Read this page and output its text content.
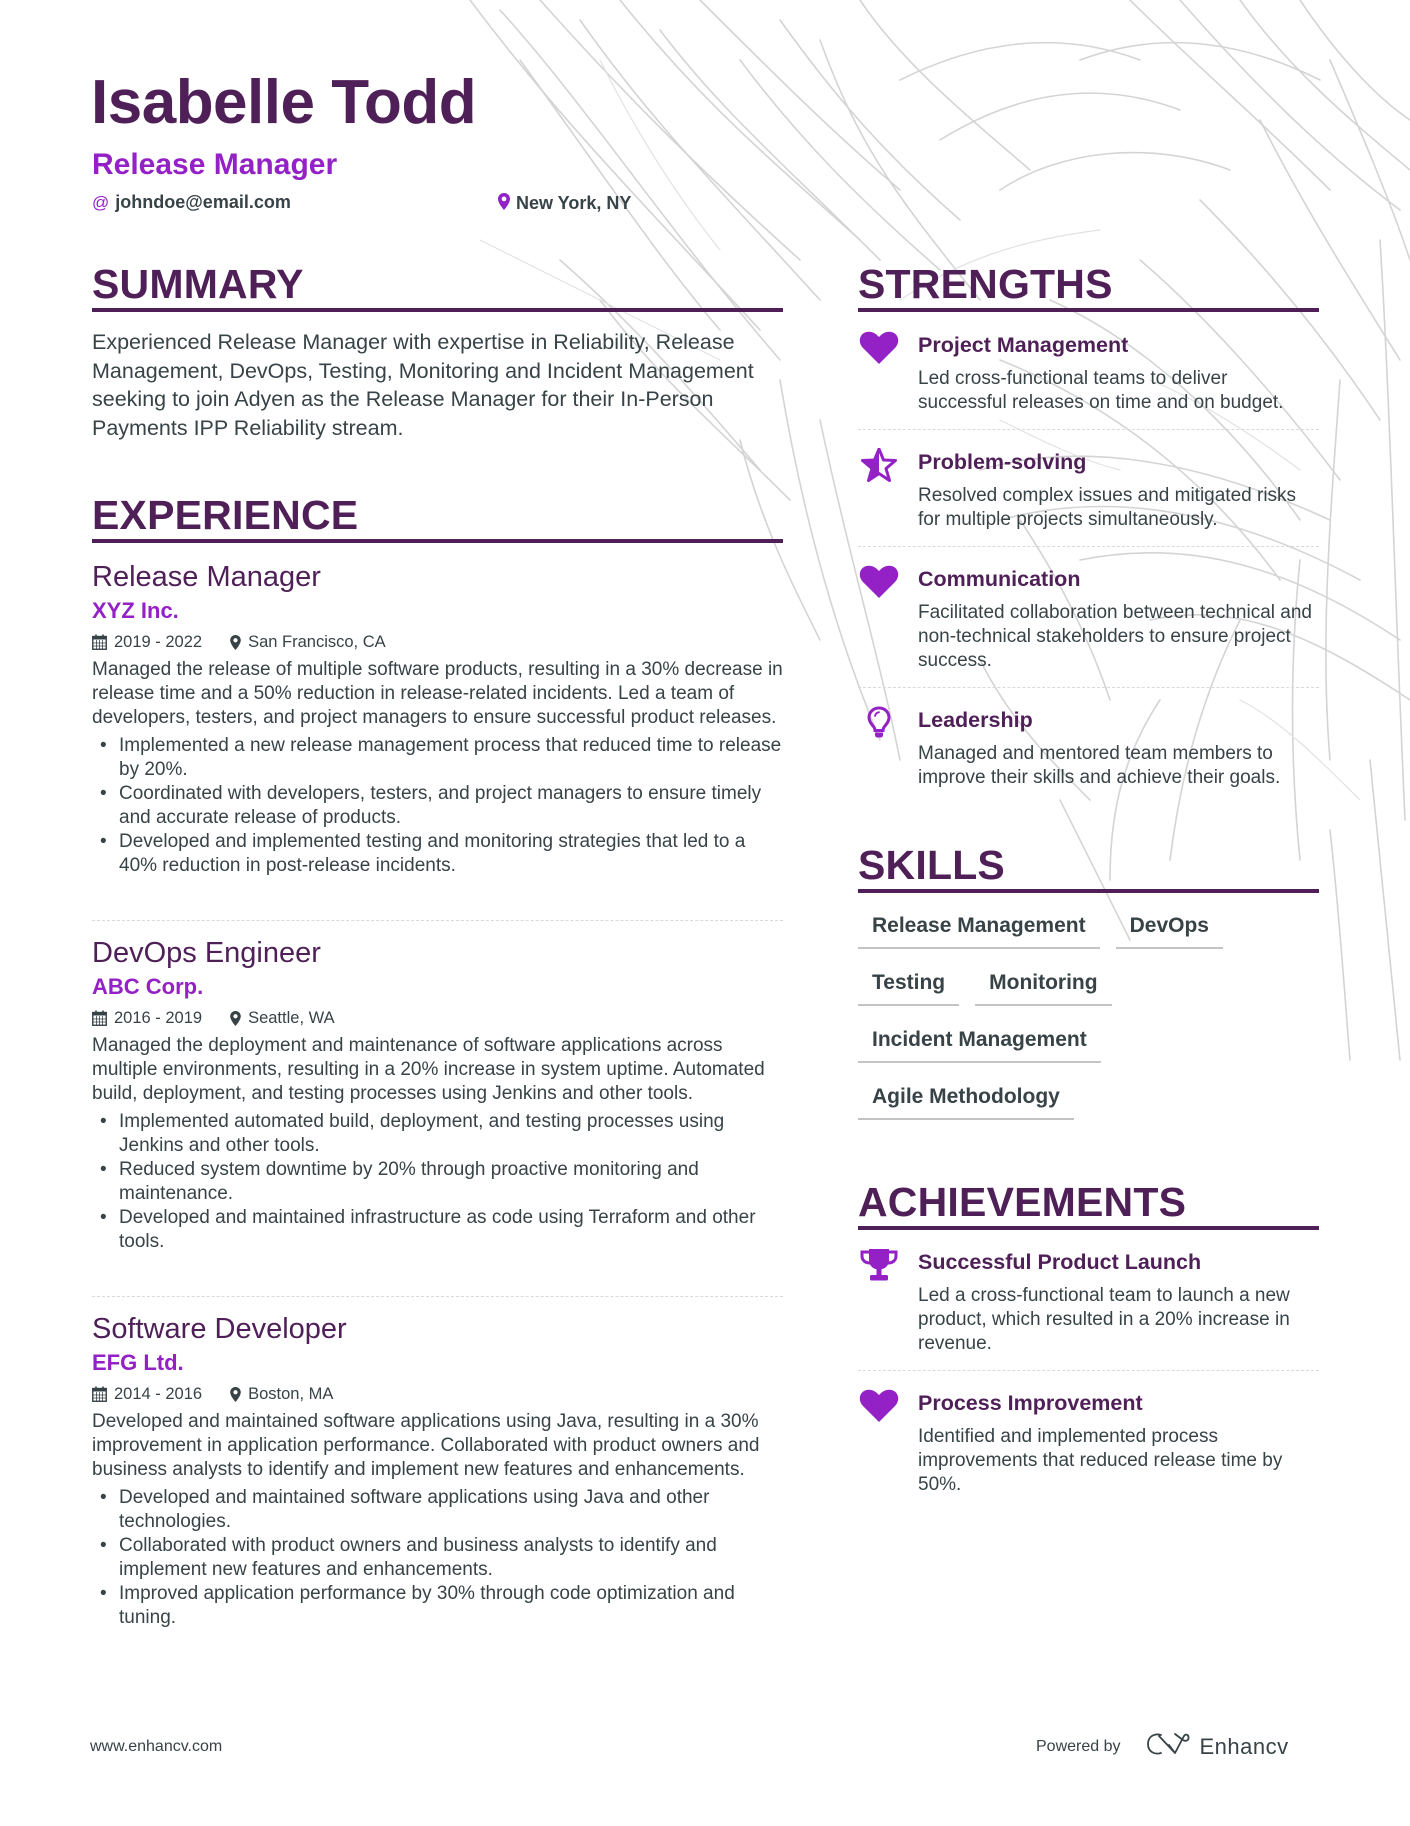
Isabelle Todd
Release Manager
@ johndoe@email.com	New York, NY
SUMMARY

Experienced Release Manager with expertise in Reliability, Release Management, DevOps, Testing, Monitoring and Incident Management seeking to join Adyen as the Release Manager for their In-Person Payments IPP Reliability stream.

EXPERIENCE
Release Manager
XYZ Inc.
2019 - 2022	San Francisco, CA

Managed the release of multiple software products, resulting in a 30% decrease in release time and a 50% reduction in release-related incidents. Led a team of developers, testers, and project managers to ensure successful product releases.

• Implemented a new release management process that reduced time to release by 20%.
• Coordinated with developers, testers, and project managers to ensure timely and accurate release of products.
• Developed and implemented testing and monitoring strategies that led to a 40% reduction in post-release incidents.
DevOps Engineer
ABC Corp.
2016 - 2019	Seattle, WA

Managed the deployment and maintenance of software applications across multiple environments, resulting in a 20% increase in system uptime. Automated build, deployment, and testing processes using Jenkins and other tools.

• Implemented automated build, deployment, and testing processes using Jenkins and other tools.
• Reduced system downtime by 20% through proactive monitoring and maintenance.
• Developed and maintained infrastructure as code using Terraform and other tools.
Software Developer
EFG Ltd.
2014 - 2016	Boston, MA

Developed and maintained software applications using Java, resulting in a 30% improvement in application performance. Collaborated with product owners and business analysts to identify and implement new features and enhancements.

• Developed and maintained software applications using Java and other technologies.
• Collaborated with product owners and business analysts to identify and implement new features and enhancements.
• Improved application performance by 30% through code optimization and tuning.
STRENGTHS
Project Management

Led cross-functional teams to deliver successful releases on time and on budget.

Problem-solving

Resolved complex issues and mitigated risks for multiple projects simultaneously.

Communication

Facilitated collaboration between technical and non-technical stakeholders to ensure project success.

Leadership

Managed and mentored team members to improve their skills and achieve their goals.

SKILLS
Release Management	DevOps
Testing	Monitoring
Incident Management
Agile Methodology
ACHIEVEMENTS
Successful Product Launch

Led a cross-functional team to launch a new product, which resulted in a 20% increase in revenue.

Process Improvement

Identified and implemented process improvements that reduced release time by 50%.

www.enhancv.com	Powered by	Enhancv
